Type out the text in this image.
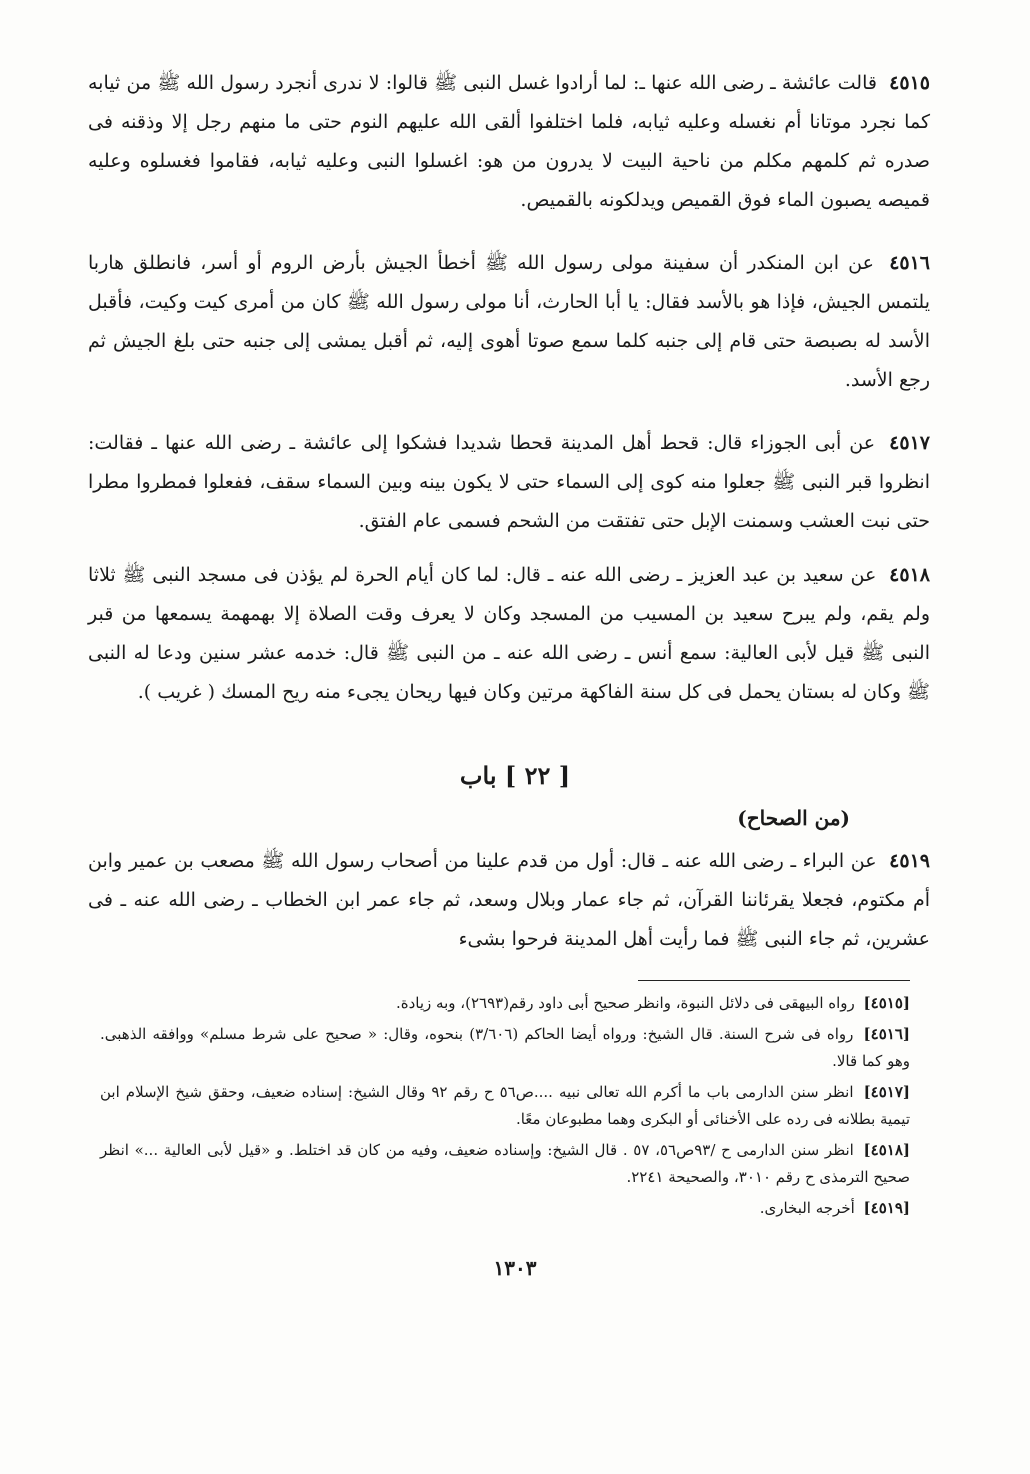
٤٥١٥ قالت عائشة ـ رضى الله عنها ـ: لما أرادوا غسل النبى ﷺ قالوا: لا ندرى أنجرد رسول الله ﷺ من ثيابه كما نجرد موتانا أم نغسله وعليه ثيابه، فلما اختلفوا ألقى الله عليهم النوم حتى ما منهم رجل إلا وذقنه فى صدره ثم كلمهم مكلم من ناحية البيت لا يدرون من هو: اغسلوا النبى وعليه ثيابه، فقاموا فغسلوه وعليه قميصه يصبون الماء فوق القميص ويدلكونه بالقميص.
٤٥١٦ عن ابن المنكدر أن سفينة مولى رسول الله ﷺ أخطأ الجيش بأرض الروم أو أسر، فانطلق هاربا يلتمس الجيش، فإذا هو بالأسد فقال: يا أبا الحارث، أنا مولى رسول الله ﷺ كان من أمرى كيت وكيت، فأقبل الأسد له بصبصة حتى قام إلى جنبه كلما سمع صوتا أهوى إليه، ثم أقبل يمشى إلى جنبه حتى بلغ الجيش ثم رجع الأسد.
٤٥١٧ عن أبى الجوزاء قال: قحط أهل المدينة قحطا شديدا فشكوا إلى عائشة ـ رضى الله عنها ـ فقالت: انظروا قبر النبى ﷺ جعلوا منه كوى إلى السماء حتى لا يكون بينه وبين السماء سقف، ففعلوا فمطروا مطرا حتى نبت العشب وسمنت الإبل حتى تفتقت من الشحم فسمى عام الفتق.
٤٥١٨ عن سعيد بن عبد العزيز ـ رضى الله عنه ـ قال: لما كان أيام الحرة لم يؤذن فى مسجد النبى ﷺ ثلاثا ولم يقم، ولم يبرح سعيد بن المسيب من المسجد وكان لا يعرف وقت الصلاة إلا بهمهمة يسمعها من قبر النبى ﷺ قيل لأبى العالية: سمع أنس ـ رضى الله عنه ـ من النبى ﷺ قال: خدمه عشر سنين ودعا له النبى ﷺ وكان له بستان يحمل فى كل سنة الفاكهة مرتين وكان فيها ريحان يجىء منه ريح المسك ( غريب ).
[ ٢٢ ] باب
(من الصحاح)
٤٥١٩ عن البراء ـ رضى الله عنه ـ قال: أول من قدم علينا من أصحاب رسول الله ﷺ مصعب بن عمير وابن أم مكتوم، فجعلا يقرئاننا القرآن، ثم جاء عمار وبلال وسعد، ثم جاء عمر ابن الخطاب ـ رضى الله عنه ـ فى عشرين، ثم جاء النبى ﷺ فما رأيت أهل المدينة فرحوا بشىء
[٤٥١٥] رواه البيهقى فى دلائل النبوة، وانظر صحيح أبى داود رقم(٢٦٩٣)، وبه زيادة.
[٤٥١٦] رواه فى شرح السنة. قال الشيخ: ورواه أيضا الحاكم (٣/٦٠٦) بنحوه، وقال: « صحيح على شرط مسلم» ووافقه الذهبى. وهو كما قالا.
[٤٥١٧] انظر سنن الدارمى باب ما أكرم الله تعالى نبيه ....ص٥٦ ح رقم ٩٢ وقال الشيخ: إسناده ضعيف، وحقق شيخ الإسلام ابن تيمية بطلانه فى رده على الأخنائى أو البكرى وهما مطبوعان معًا.
[٤٥١٨] انظر سنن الدارمى ح /٩٣ص٥٦، ٥٧ . قال الشيخ: وإسناده ضعيف، وفيه من كان قد اختلط. و «قيل لأبى العالية ...» انظر صحيح الترمذى ح رقم ٣٠١٠، والصحيحة ٢٢٤١.
[٤٥١٩] أخرجه البخارى.
١٣٠٣
